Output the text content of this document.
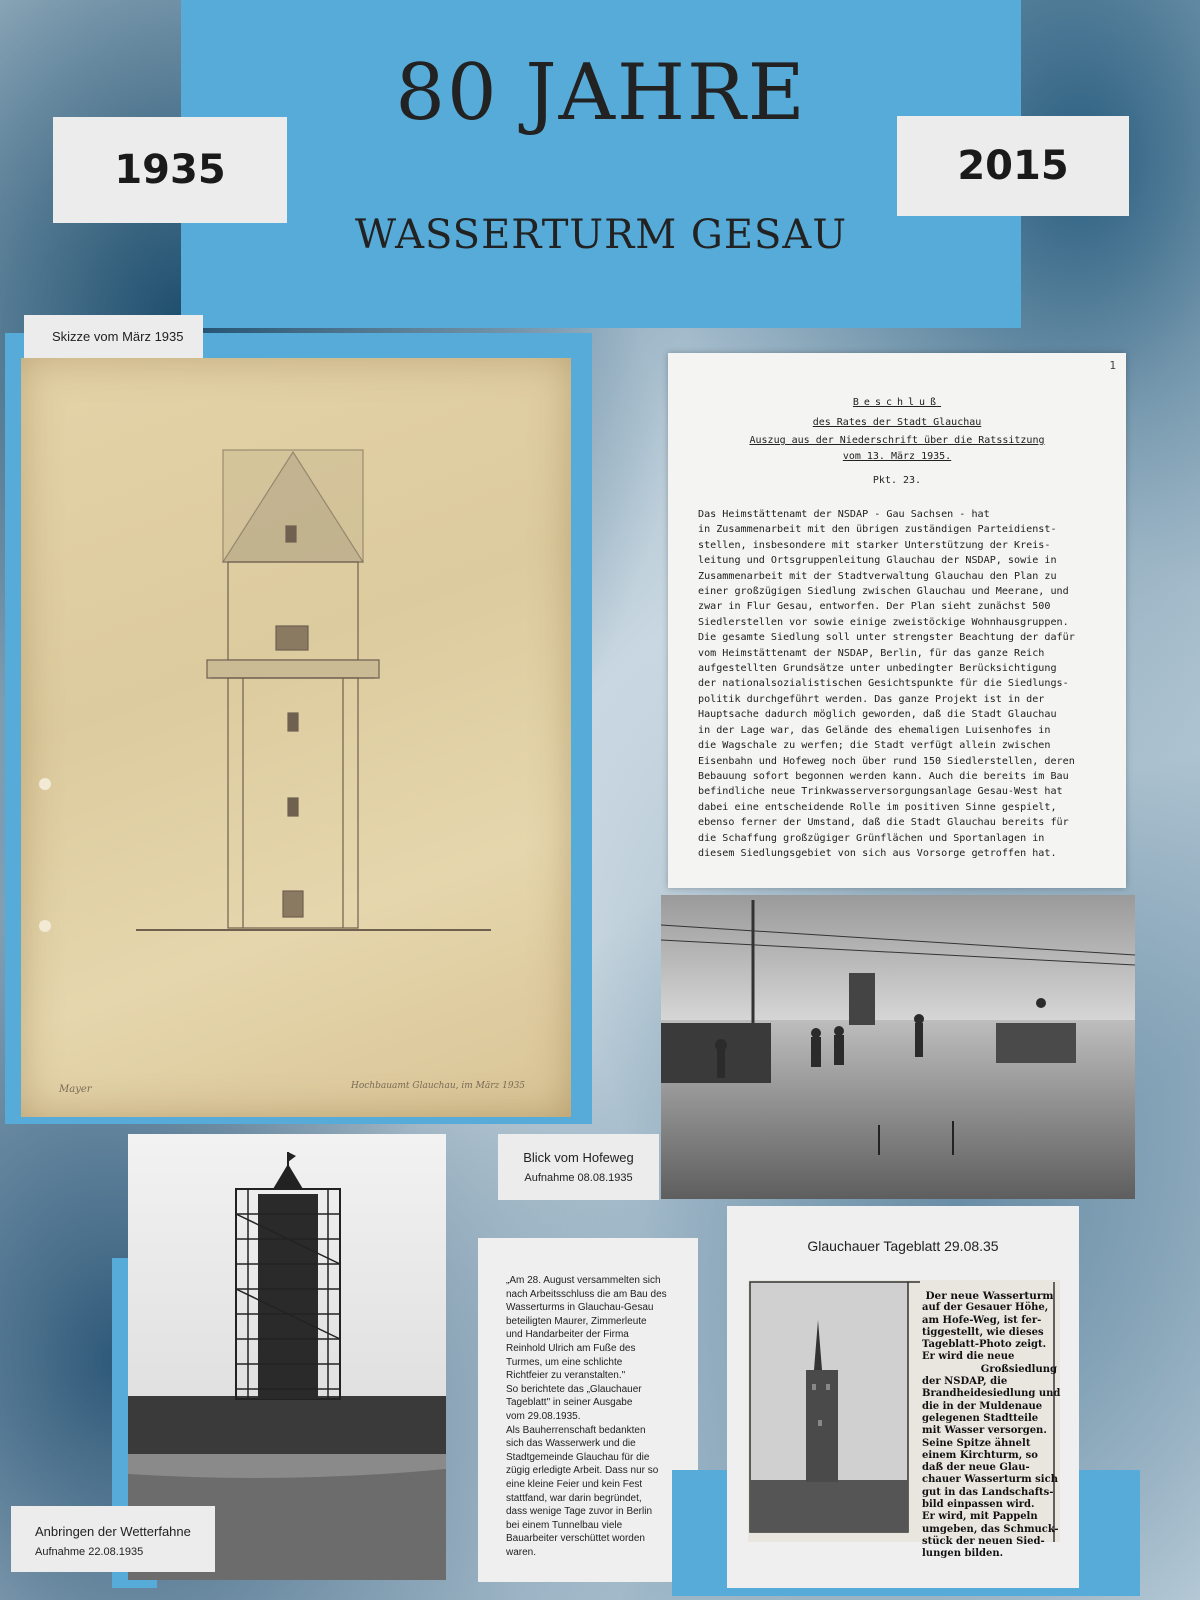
80 JAHRE
WASSERTURM GESAU
1935	2015
Mayer	Hochbauamt Glauchau, im März 1935
Skizze vom März 1935
1
Beschluß
des Rates der Stadt Glauchau
Auszug aus der Niederschrift über die Ratssitzung
vom 13. März 1935.
Pkt. 23.
Das Heimstättenamt der NSDAP - Gau Sachsen - hat
in Zusammenarbeit mit den übrigen zuständigen Parteidienst-
stellen, insbesondere mit starker Unterstützung der Kreis-
leitung und Ortsgruppenleitung Glauchau der NSDAP, sowie in
Zusammenarbeit mit der Stadtverwaltung Glauchau den Plan zu
einer großzügigen Siedlung zwischen Glauchau und Meerane, und
zwar in Flur Gesau, entworfen. Der Plan sieht zunächst 500
Siedlerstellen vor sowie einige zweistöckige Wohnhausgruppen.
Die gesamte Siedlung soll unter strengster Beachtung der dafür
vom Heimstättenamt der NSDAP, Berlin, für das ganze Reich
aufgestellten Grundsätze unter unbedingter Berücksichtigung
der nationalsozialistischen Gesichtspunkte für die Siedlungs-
politik durchgeführt werden. Das ganze Projekt ist in der
Hauptsache dadurch möglich geworden, daß die Stadt Glauchau
in der Lage war, das Gelände des ehemaligen Luisenhofes in
die Wagschale zu werfen; die Stadt verfügt allein zwischen
Eisenbahn und Hofeweg noch über rund 150 Siedlerstellen, deren
Bebauung sofort begonnen werden kann. Auch die bereits im Bau
befindliche neue Trinkwasserversorgungsanlage Gesau-West hat
dabei eine entscheidende Rolle im positiven Sinne gespielt,
ebenso ferner der Umstand, daß die Stadt Glauchau bereits für
die Schaffung großzügiger Grünflächen und Sportanlagen in
diesem Siedlungsgebiet von sich aus Vorsorge getroffen hat.
Blick vom Hofeweg
Aufnahme 08.08.1935
Anbringen der Wetterfahne
Aufnahme 22.08.1935
„Am 28. August versammelten sich
nach Arbeitsschluss die am Bau des
Wasserturms in Glauchau-Gesau
beteiligten Maurer, Zimmerleute
und Handarbeiter der Firma
Reinhold Ulrich am Fuße des
Turmes, um eine schlichte
Richtfeier zu veranstalten."
So berichtete das „Glauchauer
Tageblatt" in seiner Ausgabe
vom 29.08.1935.
Als Bauherrenschaft bedankten
sich das Wasserwerk und die
Stadtgemeinde Glauchau für die
zügig erledigte Arbeit. Dass nur so
eine kleine Feier und kein Fest
stattfand, war darin begründet,
dass wenige Tage zuvor in Berlin
bei einem Tunnelbau viele
Bauarbeiter verschüttet worden
waren.
Glauchauer Tageblatt 29.08.35
Der neue Wasserturm
auf der Gesauer Höhe,
am Hofe-Weg, ist fer-
tiggestellt, wie dieses
Tageblatt-Photo zeigt.
Er wird die neue
Großsiedlung
der NSDAP, die
Brandheidesiedlung und
die in der Muldenaue
gelegenen Stadtteile
mit Wasser versorgen.
Seine Spitze ähnelt
einem Kirchturm, so
daß der neue Glau-
chauer Wasserturm sich
gut in das Landschafts-
bild einpassen wird.
Er wird, mit Pappeln
umgeben, das Schmuck-
stück der neuen Sied-
lungen bilden.
